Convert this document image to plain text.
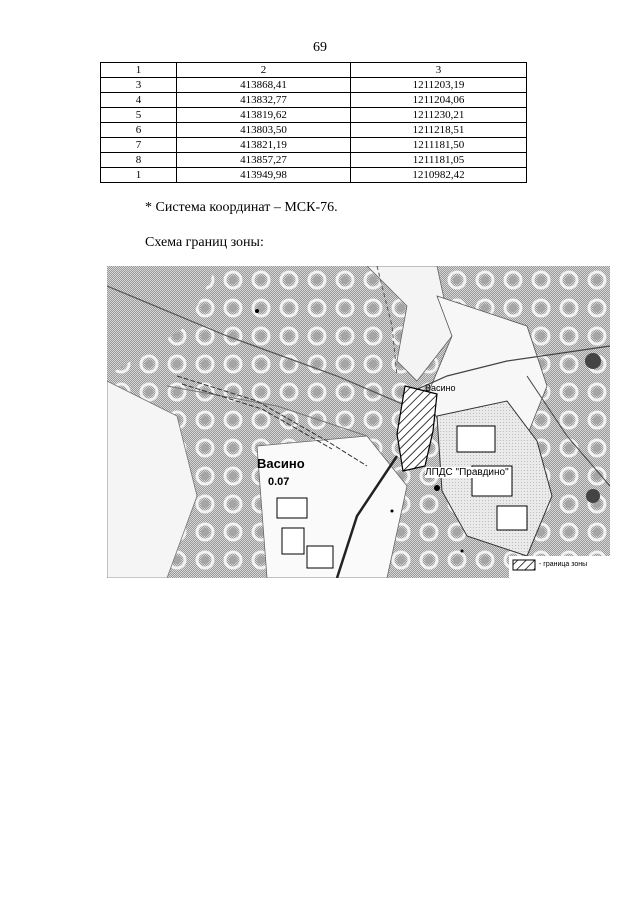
69
1	2	3
3	413868,41	1211203,19
4	413832,77	1211204,06
5	413819,62	1211230,21
6	413803,50	1211218,51
7	413821,19	1211181,50
8	413857,27	1211181,05
1	413949,98	1210982,42
* Система координат – МСК-76.
Схема границ зоны:
Васино
Васино
0.07
ЛПДС "Правдино"
- граница зоны
